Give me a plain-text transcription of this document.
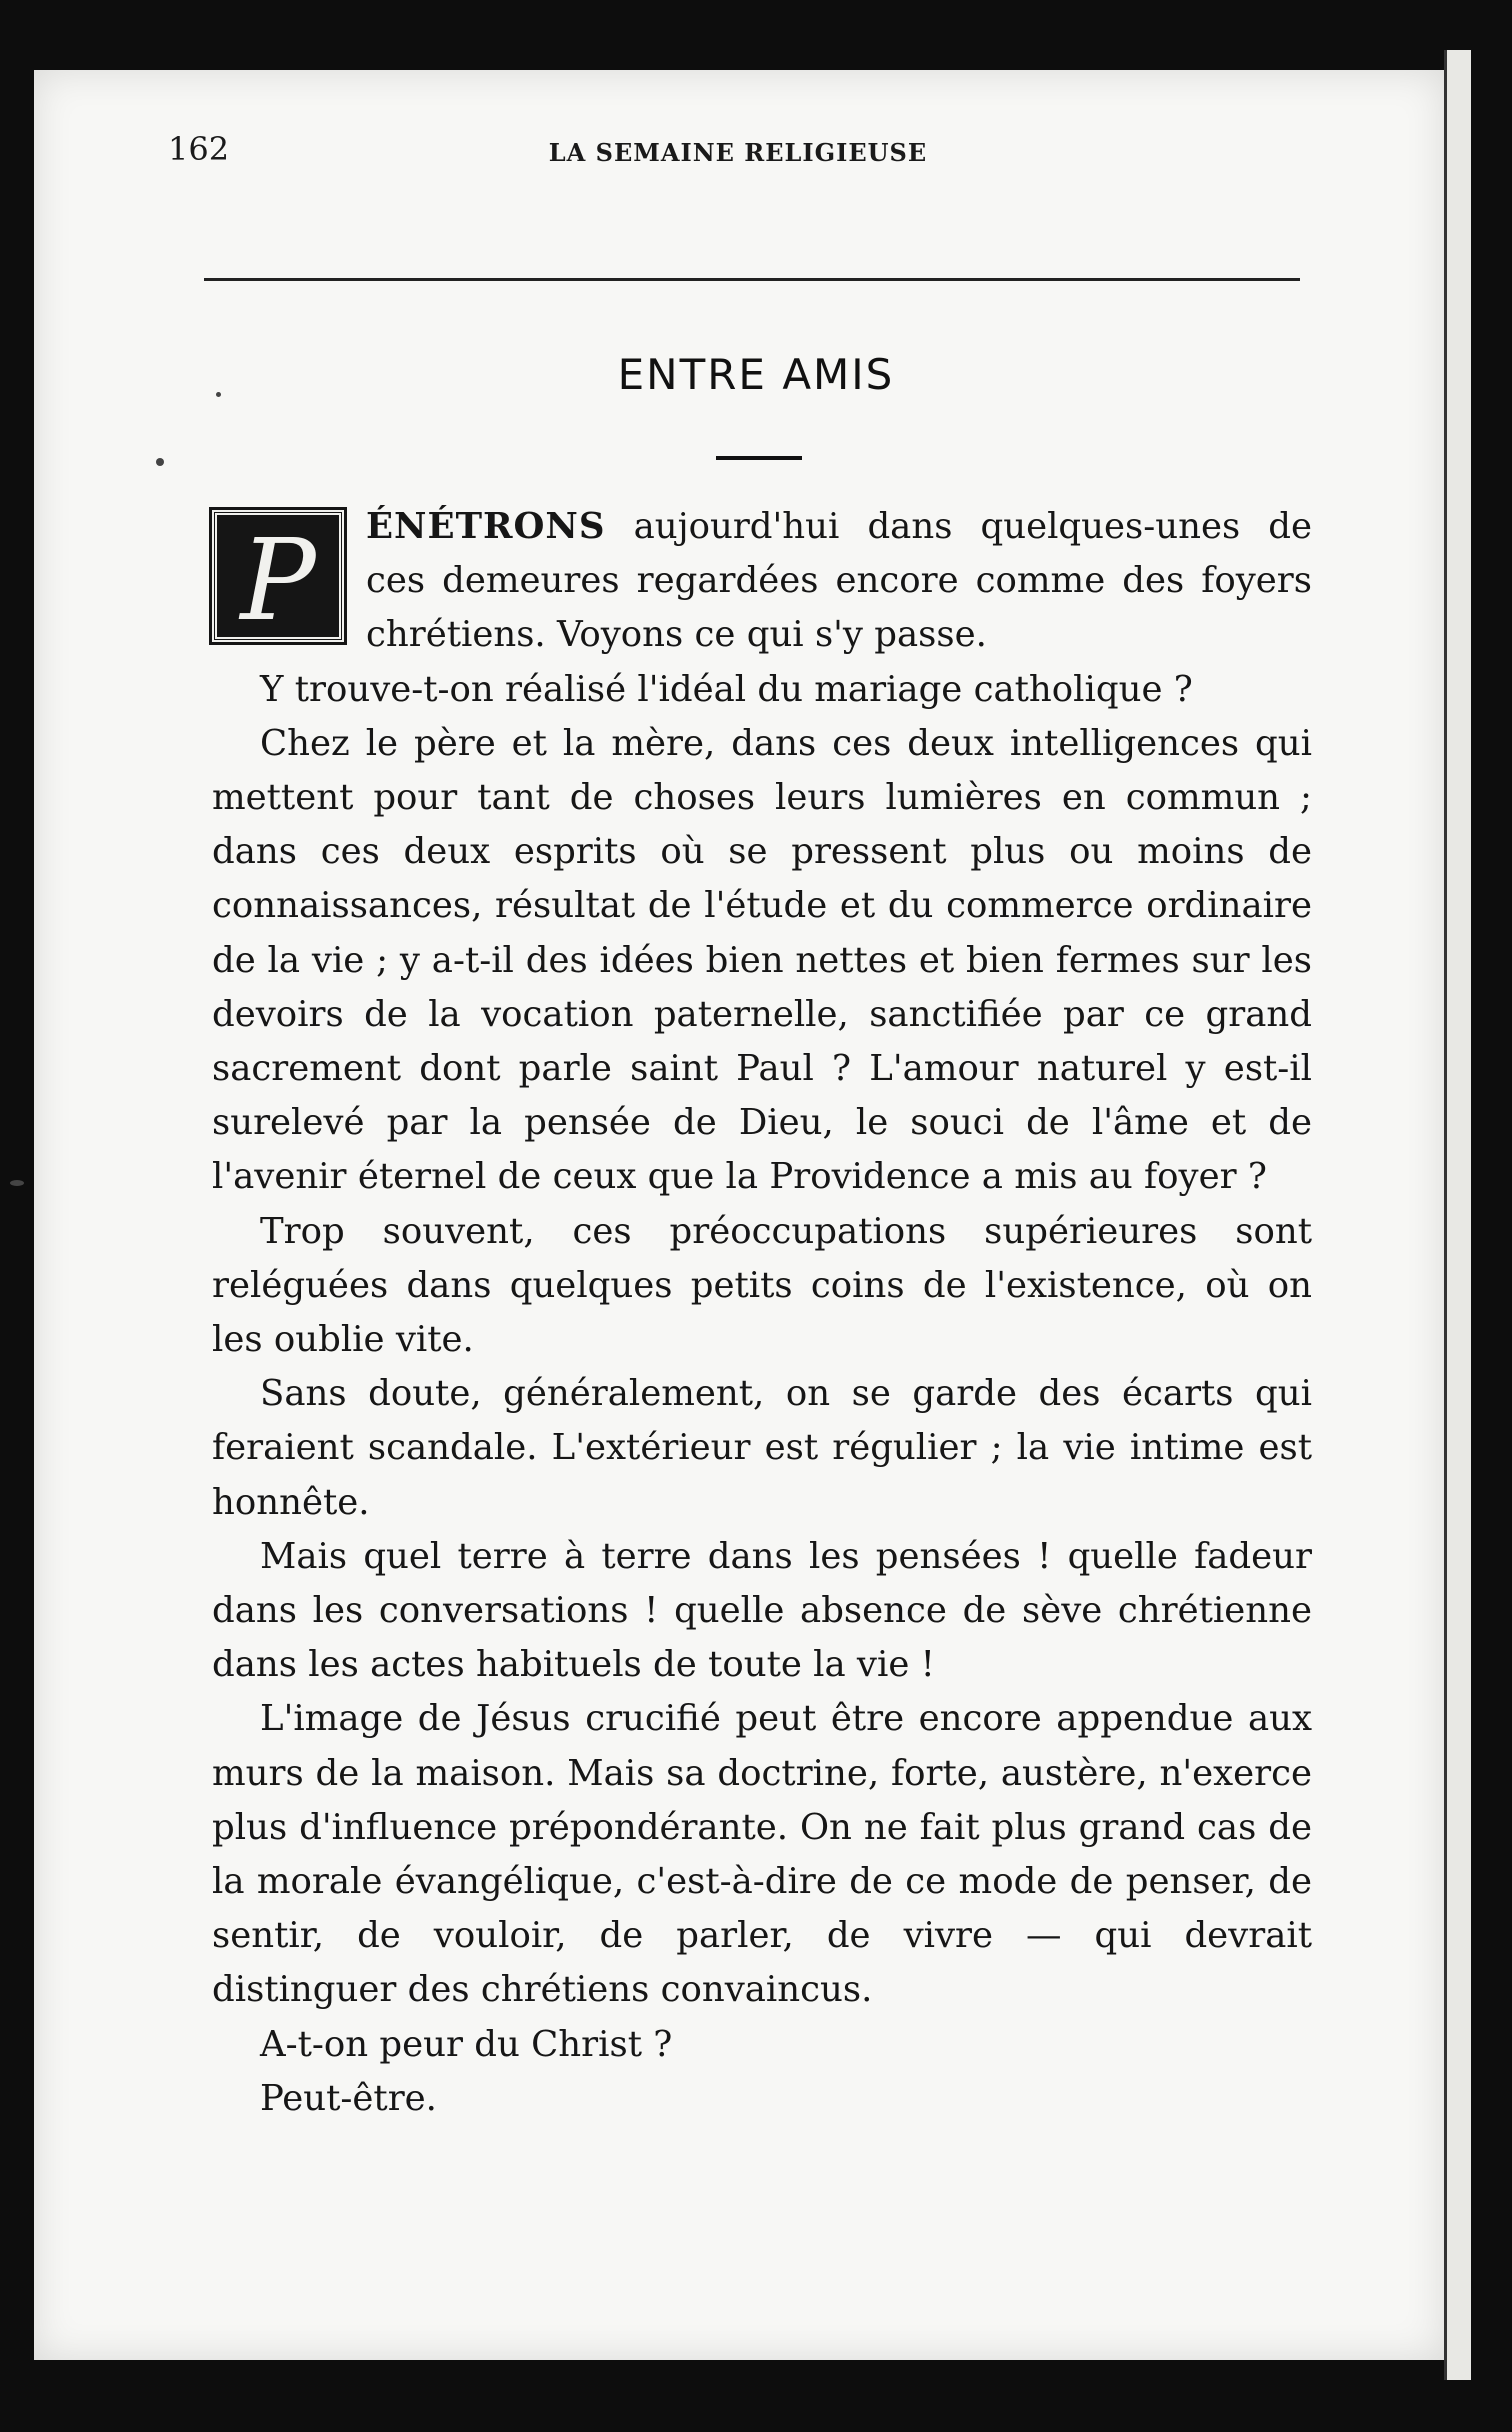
162	LA SEMAINE RELIGIEUSE
ENTRE AMIS

P	ÉNÉTRONS aujourd'hui dans quelques-unes de ces demeures regardées encore comme des foyers chrétiens. Voyons ce qui s'y passe.

Y trouve-t-on réalisé l'idéal du mariage catholique ?

Chez le père et la mère, dans ces deux intelligences qui mettent pour tant de choses leurs lumières en commun ; dans ces deux esprits où se pressent plus ou moins de connaissances, résultat de l'étude et du commerce ordinaire de la vie ; y a-t-il des idées bien nettes et bien fermes sur les devoirs de la vocation paternelle, sanctifiée par ce grand sacrement dont parle saint Paul ? L'amour naturel y est-il surelevé par la pensée de Dieu, le souci de l'âme et de l'avenir éternel de ceux que la Providence a mis au foyer ?

Trop souvent, ces préoccupations supérieures sont reléguées dans quelques petits coins de l'existence, où on les oublie vite.

Sans doute, généralement, on se garde des écarts qui feraient scandale. L'extérieur est régulier ; la vie intime est honnête.

Mais quel terre à terre dans les pensées ! quelle fadeur dans les conversations ! quelle absence de sève chrétienne dans les actes habituels de toute la vie !

L'image de Jésus crucifié peut être encore appendue aux murs de la maison. Mais sa doctrine, forte, austère, n'exerce plus d'influence prépondérante. On ne fait plus grand cas de la morale évangélique, c'est-à-dire de ce mode de penser, de sentir, de vouloir, de parler, de vivre — qui devrait distinguer des chrétiens convaincus.

A-t-on peur du Christ ?

Peut-être.
